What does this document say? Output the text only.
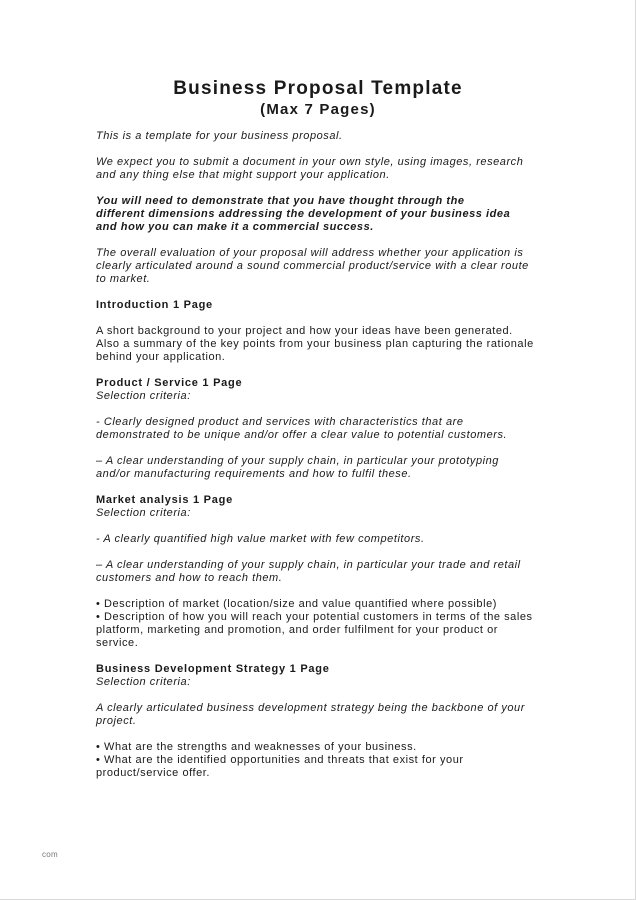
Business Proposal Template
(Max 7 Pages)

This is a template for your business proposal.

We expect you to submit a document in your own style, using images, research
and any thing else that might support your application.

You will need to demonstrate that you have thought through the
different dimensions addressing the development of your business idea
and how you can make it a commercial success.

The overall evaluation of your proposal will address whether your application is
clearly articulated around a sound commercial product/service with a clear route
to market.

Introduction 1 Page

A short background to your project and how your ideas have been generated.
Also a summary of the key points from your business plan capturing the rationale
behind your application.

Product / Service 1 Page

Selection criteria:

- Clearly designed product and services with characteristics that are
demonstrated to be unique and/or offer a clear value to potential customers.

– A clear understanding of your supply chain, in particular your prototyping
and/or manufacturing requirements and how to fulfil these.

Market analysis 1 Page

Selection criteria:

- A clearly quantified high value market with few competitors.

– A clear understanding of your supply chain, in particular your trade and retail
customers and how to reach them.

• Description of market (location/size and value quantified where possible)
• Description of how you will reach your potential customers in terms of the sales
platform, marketing and promotion, and order fulfilment for your product or
service.

Business Development Strategy 1 Page

Selection criteria:

A clearly articulated business development strategy being the backbone of your
project.

• What are the strengths and weaknesses of your business.
• What are the identified opportunities and threats that exist for your
product/service offer.

com
